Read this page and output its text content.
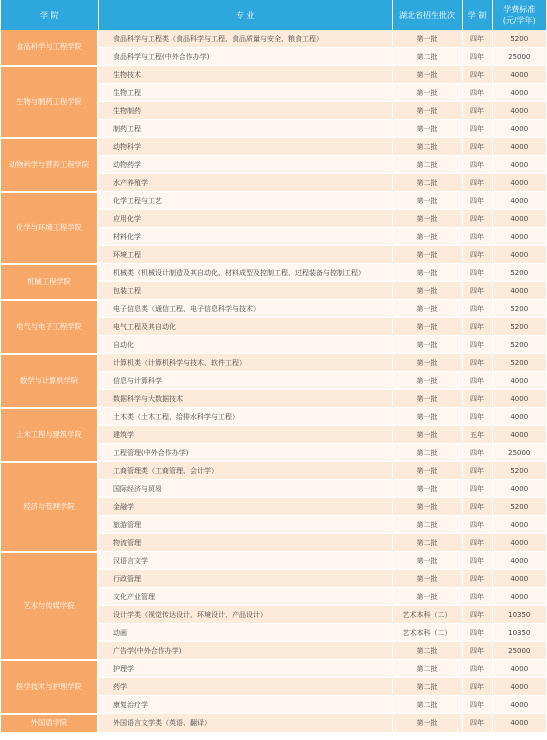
学 院	专 业	湖北省招生批次	学 制	学费标准
(元/学年)
食品科学与工程学院	食品科学与工程类（食品科学与工程、食品质量与安全、粮食工程）	第一批	四年	5200
	食品科学与工程(中外合作办学)	第二批	四年	25000
生物与制药工程学院	生物技术	第一批	四年	4000
	生物工程	第一批	四年	4000
	生物制药	第一批	四年	4000
	制药工程	第一批	四年	4000
动物科学与营养工程学院	动物科学	第二批	四年	4000
	动物药学	第二批	四年	4000
	水产养殖学	第二批	四年	4000
化学与环境工程学院	化学工程与工艺	第一批	四年	4000
	应用化学	第一批	四年	4000
	材料化学	第一批	四年	4000
	环境工程	第一批	四年	4000
机械工程学院	机械类（机械设计制造及其自动化、材料成型及控制工程、过程装备与控制工程）	第一批	四年	5200
	包装工程	第一批	四年	4000
电气与电子工程学院	电子信息类（通信工程、电子信息科学与技术）	第一批	四年	5200
	电气工程及其自动化	第一批	四年	5200
	自动化	第一批	四年	5200
数学与计算机学院	计算机类（计算机科学与技术、软件工程）	第一批	四年	5200
	信息与计算科学	第一批	四年	4000
	数据科学与大数据技术	第一批	四年	4000
土木工程与建筑学院	土木类（土木工程、给排水科学与工程）	第一批	四年	4000
	建筑学	第一批	五年	4000
	工程管理(中外合作办学)	第二批	四年	25000
经济与管理学院	工商管理类（工商管理、会计学）	第一批	四年	5200
	国际经济与贸易	第一批	四年	4000
	金融学	第一批	四年	5200
	旅游管理	第二批	四年	4000
	物流管理	第二批	四年	4000
艺术与传媒学院	汉语言文学	第一批	四年	4000
	行政管理	第一批	四年	4000
	文化产业管理	第一批	四年	4000
	设计学类（视觉传达设计、环境设计、产品设计）	艺术本科（二）	四年	10350
	动画	艺术本科（二）	四年	10350
	广告学(中外合作办学)	第二批	四年	25000
医学技术与护理学院	护理学	第二批	四年	4000
	药学	第二批	四年	4000
	康复治疗学	第二批	四年	4000
外国语学院	外国语言文学类（英语、翻译）	第一批	四年	4000
